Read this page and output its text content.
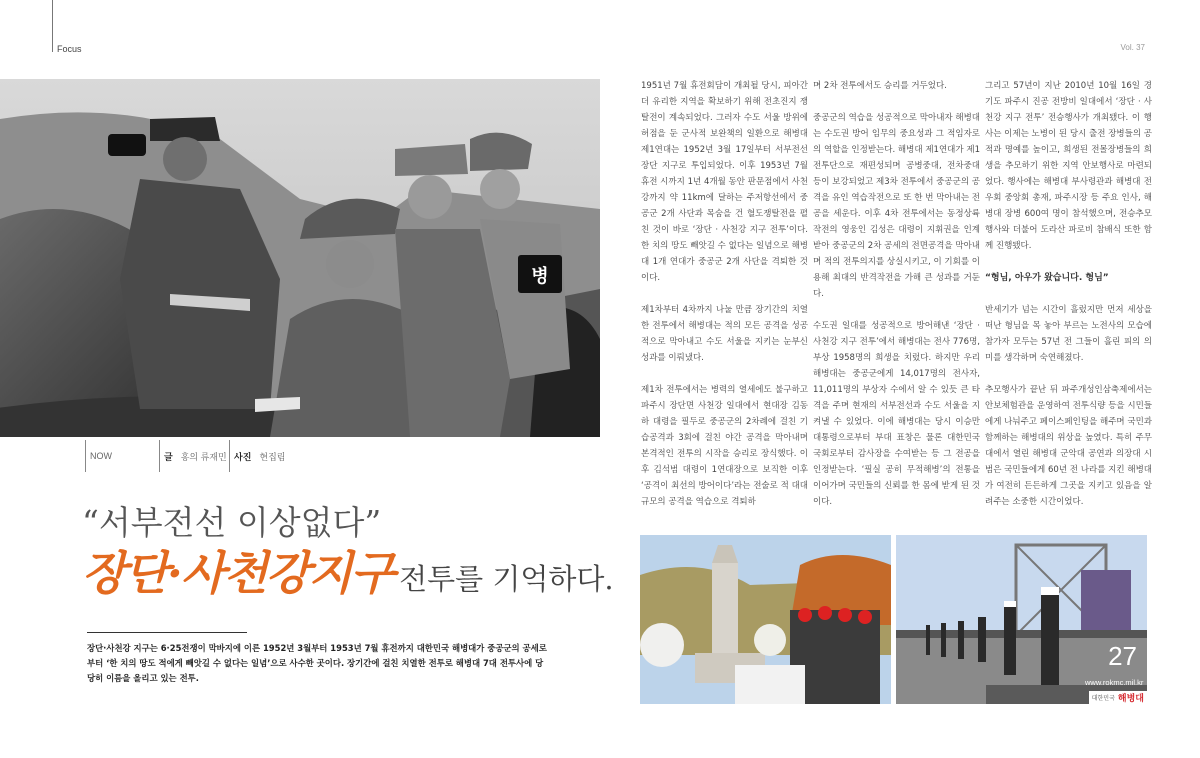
Focus	Vol. 37
병
NOW	글 홍의 류재민 사진 현집림
“서부전선 이상없다”
장단·사천강지구 전투를 기억하다.
장단·사천강 지구는 6·25전쟁이 막바지에 이른 1952년 3월부터 1953년 7월 휴전까지 대한민국 해병대가 중공군의 공세로부터 ‘한 치의 땅도 적에게 빼앗길 수 없다는 일념’으로 사수한 곳이다. 장기간에 걸친 치열한 전투로 해병대 7대 전투사에 당당히 이름을 올리고 있는 전투.

1951년 7월 휴전회담이 개최될 당시, 피아간 더 유리한 지역을 확보하기 위해 전초진지 쟁탈전이 계속되었다. 그러자 수도 서울 방위에 허점을 둔 군사적 보완책의 일환으로 해병대 제1연대는 1952년 3월 17일부터 서부전선 장단 지구로 투입되었다. 이후 1953년 7월 휴전 시까지 1년 4개월 동안 판문점에서 사천강까지 약 11km에 달하는 주저항선에서 중공군 2개 사단과 목숨을 건 혈도쟁탈전을 펼친 것이 바로 ‘장단 · 사천강 지구 전투’이다. 한 치의 땅도 빼앗길 수 없다는 일념으로 해병대 1개 연대가 중공군 2개 사단을 격퇴한 것이다.

제1차부터 4차까지 나눌 만큼 장기간의 치열한 전투에서 해병대는 적의 모든 공격을 성공적으로 막아내고 수도 서울을 지키는 눈부신 성과를 이뤄냈다.

제1차 전투에서는 병력의 열세에도 불구하고 파주시 장단면 사천강 일대에서 현대장 김동하 대령을 필두로 중공군의 2차례에 걸친 기습공격과 3회에 걸친 야간 공격을 막아내며 본격적인 전투의 시작을 승리로 장식했다. 이후 김석범 대령이 1연대장으로 보직한 이후 ‘공격이 최선의 방어이다’라는 전술로 적 대대규모의 공격을 역습으로 격퇴하

며 2차 전투에서도 승리를 거두었다.

중공군의 역습을 성공적으로 막아내자 해병대는 수도권 방어 임무의 중요성과 그 적임자로의 역할을 인정받는다. 해병대 제1연대가 제1전투단으로 재편성되며 공병중대, 전차중대 등이 보강되었고 제3차 전투에서 중공군의 공격을 유인 역습작전으로 또 한 번 막아내는 전공을 세운다. 이후 4차 전투에서는 동정상륙작전의 영웅인 김성은 대령이 지휘권을 인계받아 중공군의 2차 공세의 전면공격을 막아내며 적의 전투의지를 상실시키고, 이 기회를 이용해 최대의 반격작전을 가해 큰 성과를 거둔다.

수도권 일대를 성공적으로 방어해낸 ‘장단 · 사천강 지구 전투’에서 해병대는 전사 776명, 부상 1958명의 희생을 치렀다. 하지만 우리 해병대는 중공군에게 14,017명의 전사자, 11,011명의 부상자 수에서 알 수 있듯 큰 타격을 주며 현재의 서부전선과 수도 서울을 지켜낼 수 있었다. 이에 해병대는 당시 이승만 대통령으로부터 부대 표창은 물론 대한민국 국회로부터 감사장을 수여받는 등 그 전공을 인정받는다. ‘필실 공히 무적해병’의 전통을 이어가며 국민들의 신뢰를 한 몸에 받게 된 것이다.

그리고 57년이 지난 2010년 10월 16일 경기도 파주시 진공 전방비 일대에서 ‘장단 · 사천강 지구 전투’ 전승행사가 개최됐다. 이 행사는 이제는 노병이 된 당시 출전 장병들의 공적과 명예를 높이고, 희생된 전몰장병들의 희생을 추모하기 위한 지역 안보행사로 마련되었다. 행사에는 해병대 부사령관과 해병대 전우회 중앙회 총재, 파주시장 등 주요 인사, 해병대 장병 600여 명이 참석했으며, 전승추모행사와 더불어 도라산 파로비 참배식 또한 함께 진행됐다.

“형님, 아우가 왔습니다. 형님”

반세기가 넘는 시간이 흘렀지만 먼저 세상을 떠난 형님을 목 놓아 부르는 노전사의 모습에 참가자 모두는 57년 전 그들이 흘린 피의 의미를 생각하며 숙연해졌다.

추모행사가 끝난 뒤 파주개성인삼축제에서는 안보체험관을 운영하여 전투식량 등을 시민들에게 나눠주고 페이스페인팅을 해주며 국민과 함께하는 해병대의 위상을 높였다. 특히 주무대에서 열린 해병대 군악대 공연과 의장대 시범은 국민들에게 60년 전 나라를 지킨 해병대가 여전히 든든하게 그곳을 지키고 있음을 알려주는 소중한 시간이었다.

27
www.rokmc.mil.kr
대한민국 해병대
